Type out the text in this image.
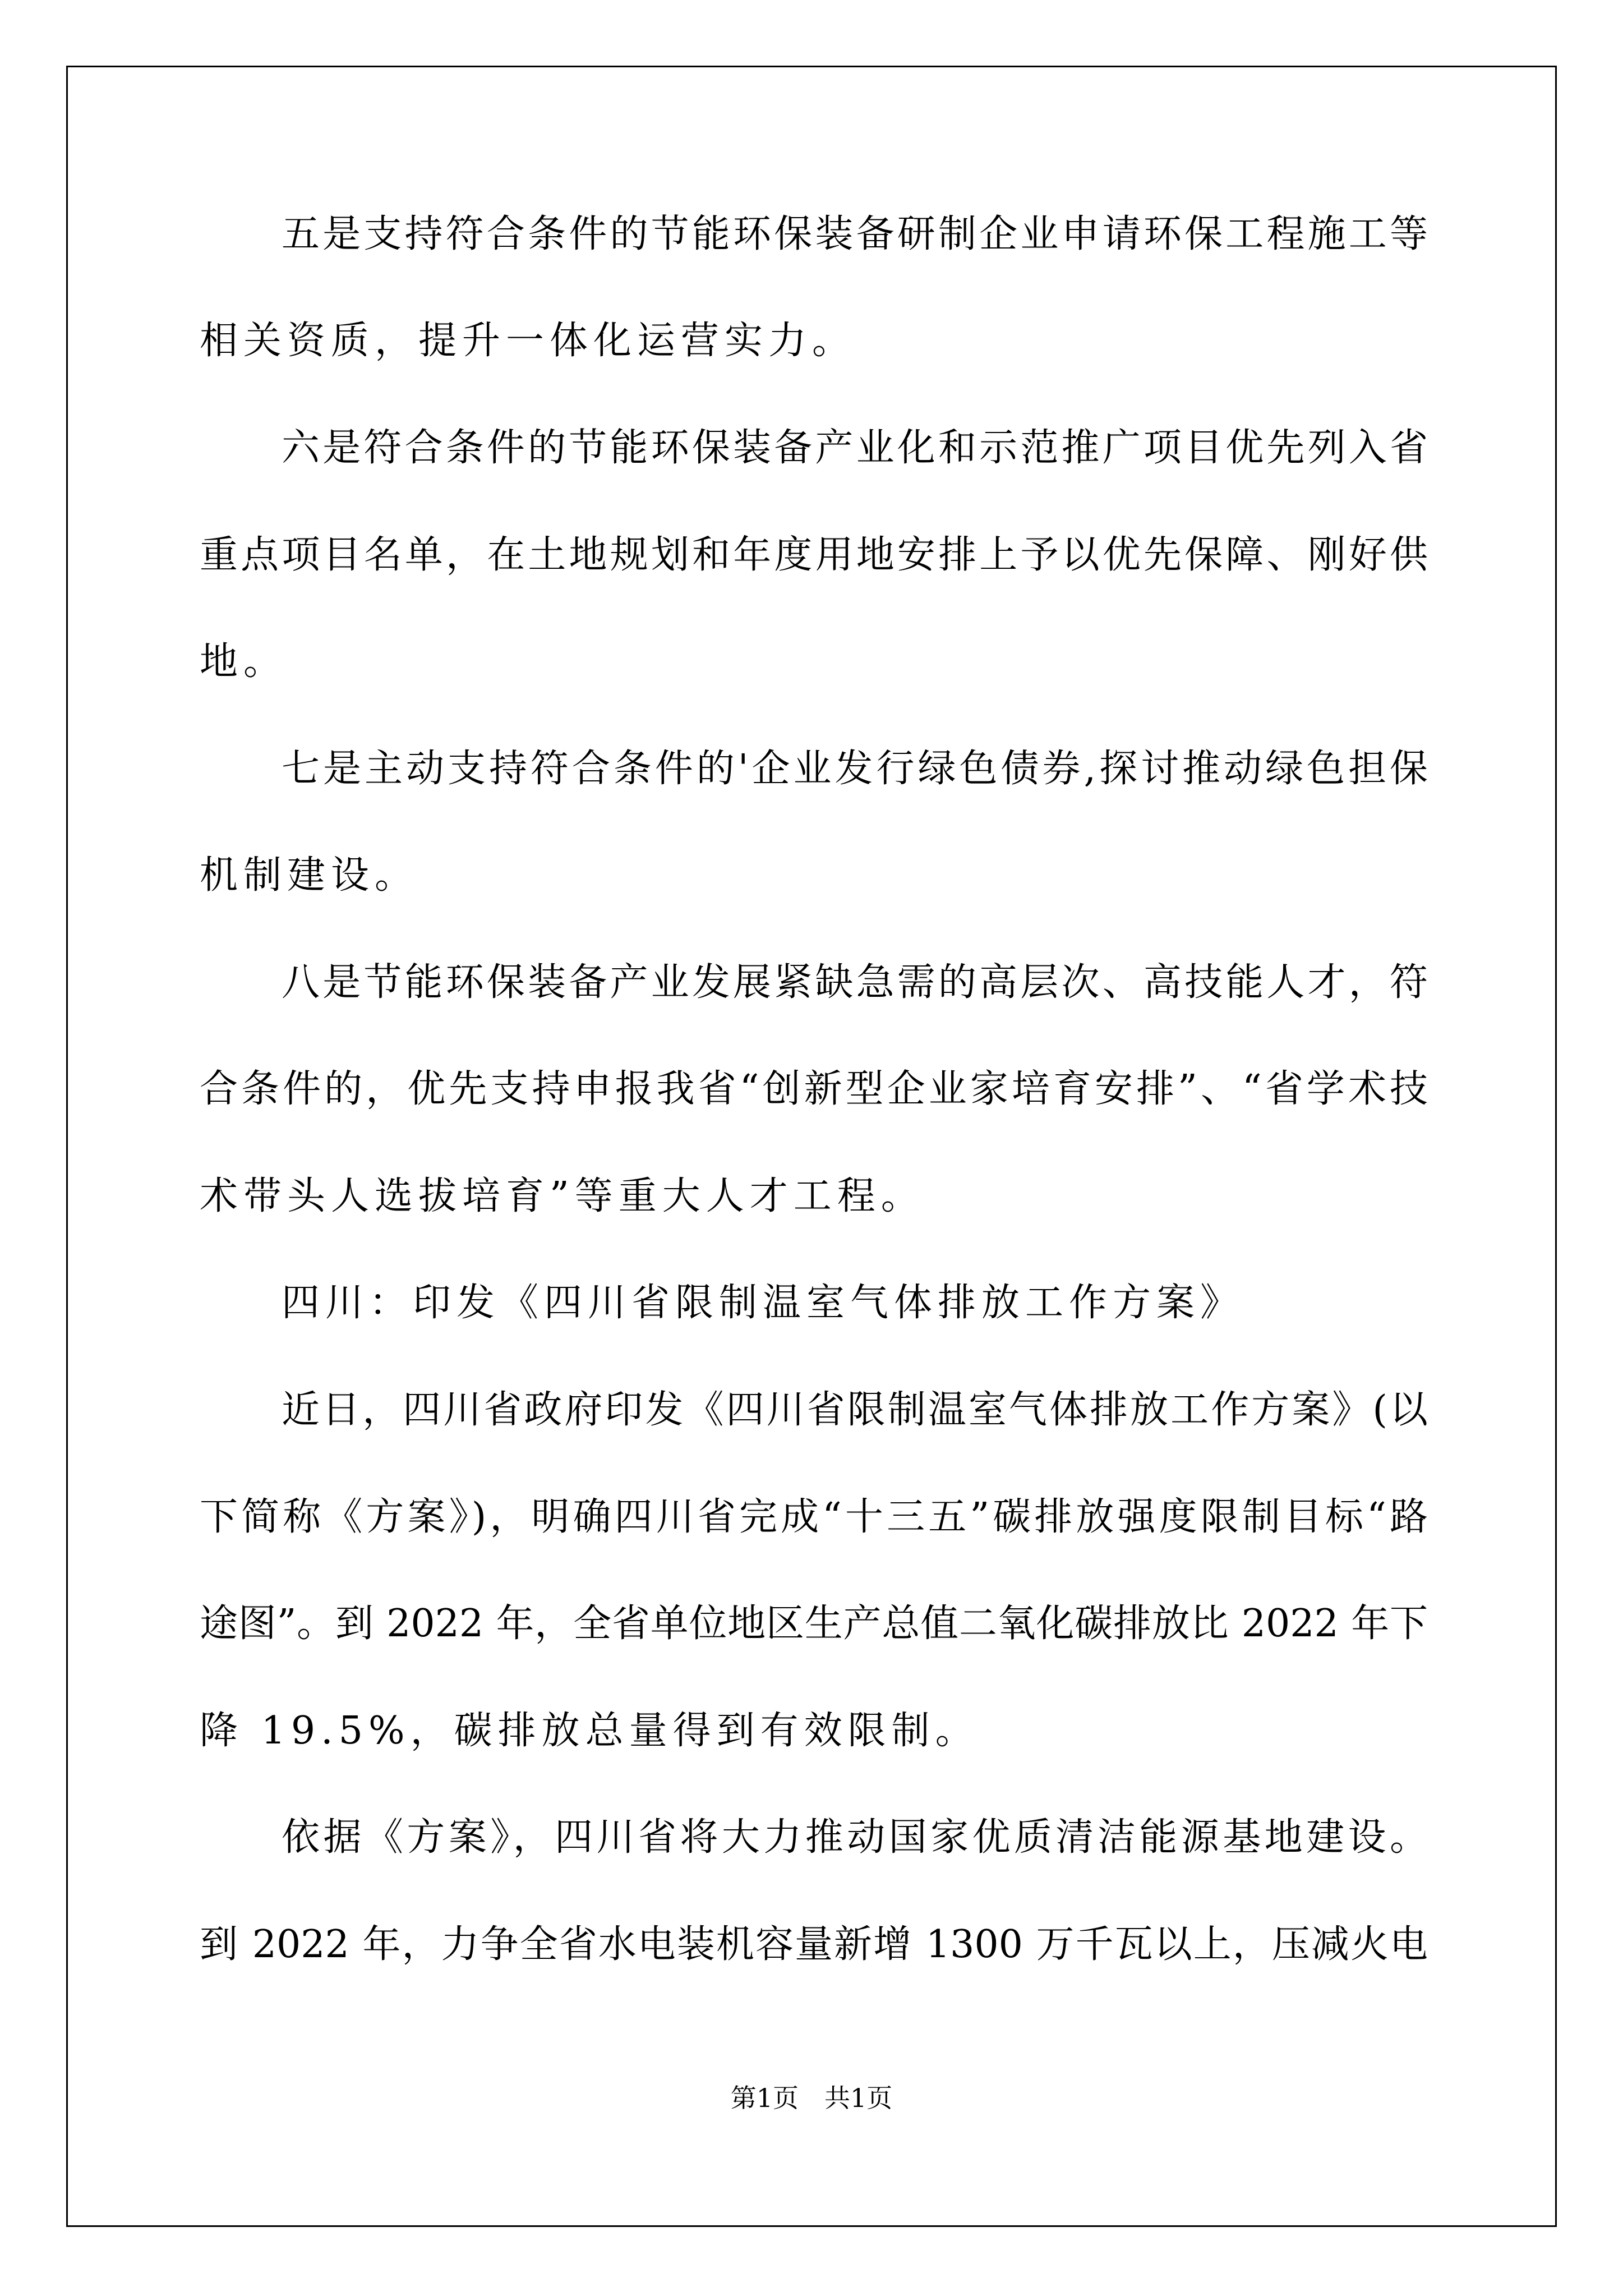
五是支持符合条件的节能环保装备研制企业申请环保工程施工等
相关资质，提升一体化运营实力。
六是符合条件的节能环保装备产业化和示范推广项目优先列入省
重点项目名单，在土地规划和年度用地安排上予以优先保障、刚好供
地。
七是主动支持符合条件的'企业发行绿色债券,探讨推动绿色担保
机制建设。
八是节能环保装备产业发展紧缺急需的高层次、高技能人才，符
合条件的，优先支持申报我省“创新型企业家培育安排”、“省学术技
术带头人选拔培育”等重大人才工程。
四川：印发《四川省限制温室气体排放工作方案》
近日，四川省政府印发《四川省限制温室气体排放工作方案》(以
下简称《方案》)，明确四川省完成“十三五”碳排放强度限制目标“路
途图”。到 2022 年，全省单位地区生产总值二氧化碳排放比 2022 年下
降 19.5%，碳排放总量得到有效限制。
依据《方案》，四川省将大力推动国家优质清洁能源基地建设。
到 2022 年，力争全省水电装机容量新增 1300 万千瓦以上，压减火电
第1页　共1页
